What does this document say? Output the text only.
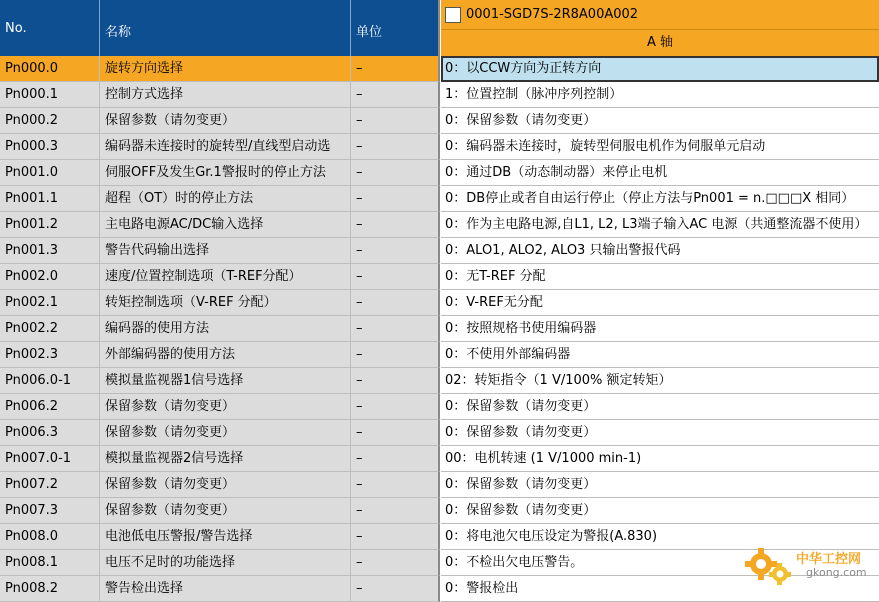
No.	名称	单位
0001-SGD7S-2R8A00A002
A 轴
Pn000.0	旋转方向选择	–	0：以CCW方向为正转方向
Pn000.1	控制方式选择	–	1：位置控制（脉冲序列控制）
Pn000.2	保留参数（请勿变更）	–	0：保留参数（请勿变更）
Pn000.3	编码器未连接时的旋转型/直线型启动选	–	0：编码器未连接时，旋转型伺服电机作为伺服单元启动
Pn001.0	伺服OFF及发生Gr.1警报时的停止方法	–	0：通过DB（动态制动器）来停止电机
Pn001.1	超程（OT）时的停止方法	–	0：DB停止或者自由运行停止（停止方法与Pn001 = n.□□□X 相同）
Pn001.2	主电路电源AC/DC输入选择	–	0：作为主电路电源,自L1, L2, L3端子输入AC 电源（共通整流器不使用）
Pn001.3	警告代码输出选择	–	0：ALO1, ALO2, ALO3 只输出警报代码
Pn002.0	速度/位置控制选项（T-REF分配）	–	0：无T-REF 分配
Pn002.1	转矩控制选项（V-REF 分配）	–	0：V-REF无分配
Pn002.2	编码器的使用方法	–	0：按照规格书使用编码器
Pn002.3	外部编码器的使用方法	–	0：不使用外部编码器
Pn006.0-1	模拟量监视器1信号选择	–	02：转矩指令（1 V/100% 额定转矩）
Pn006.2	保留参数（请勿变更）	–	0：保留参数（请勿变更）
Pn006.3	保留参数（请勿变更）	–	0：保留参数（请勿变更）
Pn007.0-1	模拟量监视器2信号选择	–	00：电机转速 (1 V/1000 min-1)
Pn007.2	保留参数（请勿变更）	–	0：保留参数（请勿变更）
Pn007.3	保留参数（请勿变更）	–	0：保留参数（请勿变更）
Pn008.0	电池低电压警报/警告选择	–	0：将电池欠电压设定为警报(A.830)
Pn008.1	电压不足时的功能选择	–	0：不检出欠电压警告。
Pn008.2	警告检出选择	–	0：警报检出
中华工控网
gkong.com
